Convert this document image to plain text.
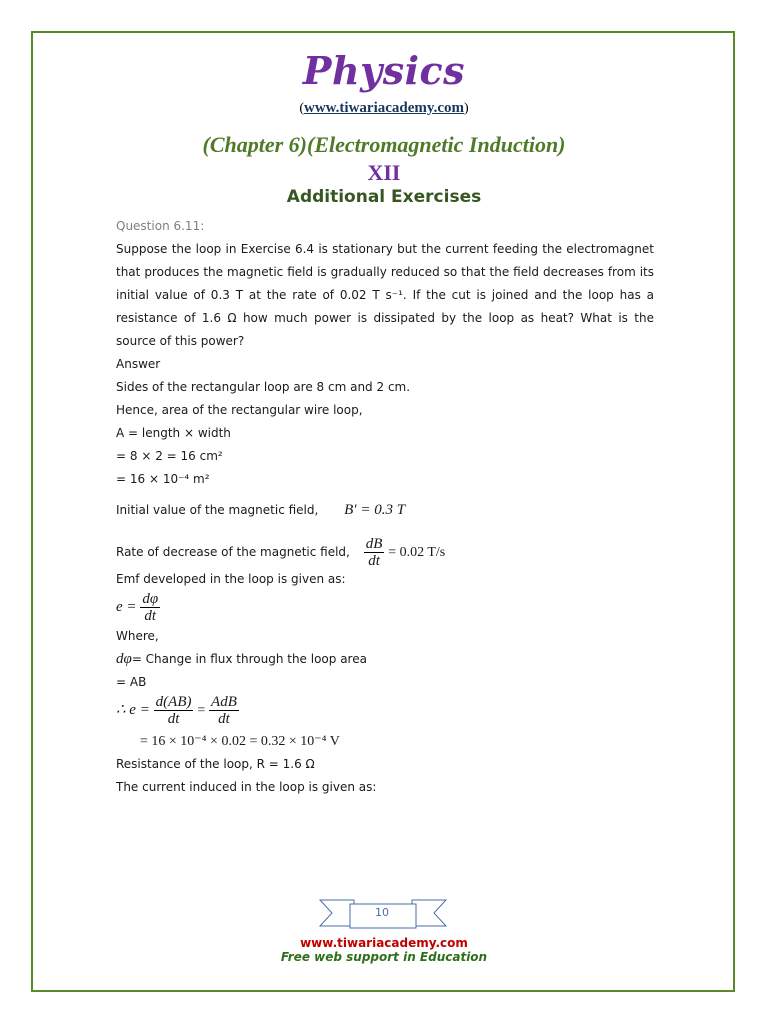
Physics
(www.tiwariacademy.com)
(Chapter 6)(Electromagnetic Induction)
XII
Additional Exercises
Question 6.11:
Suppose the loop in Exercise 6.4 is stationary but the current feeding the electromagnet that produces the magnetic field is gradually reduced so that the field decreases from its initial value of 0.3 T at the rate of 0.02 T s⁻¹. If the cut is joined and the loop has a resistance of 1.6 Ω how much power is dissipated by the loop as heat? What is the source of this power?
Answer
Sides of the rectangular loop are 8 cm and 2 cm.
Hence, area of the rectangular wire loop,
A = length × width
= 8 × 2 = 16 cm²
= 16 × 10⁻⁴ m²
Initial value of the magnetic field, B′ = 0.3 T
Rate of decrease of the magnetic field, $\frac{dB}{dt} = 0.02$ T/s
Emf developed in the loop is given as:
$e = \frac{d\varphi}{dt}$
Where,
dφ= Change in flux through the loop area
= AB
∴ $e = \frac{d(AB)}{dt} = \frac{\text{AdB}}{dt}$
= 16 × 10⁻⁴ × 0.02 = 0.32 × 10⁻⁴ V
Resistance of the loop, R = 1.6 Ω
The current induced in the loop is given as:
10
www.tiwariacademy.com
Free web support in Education
